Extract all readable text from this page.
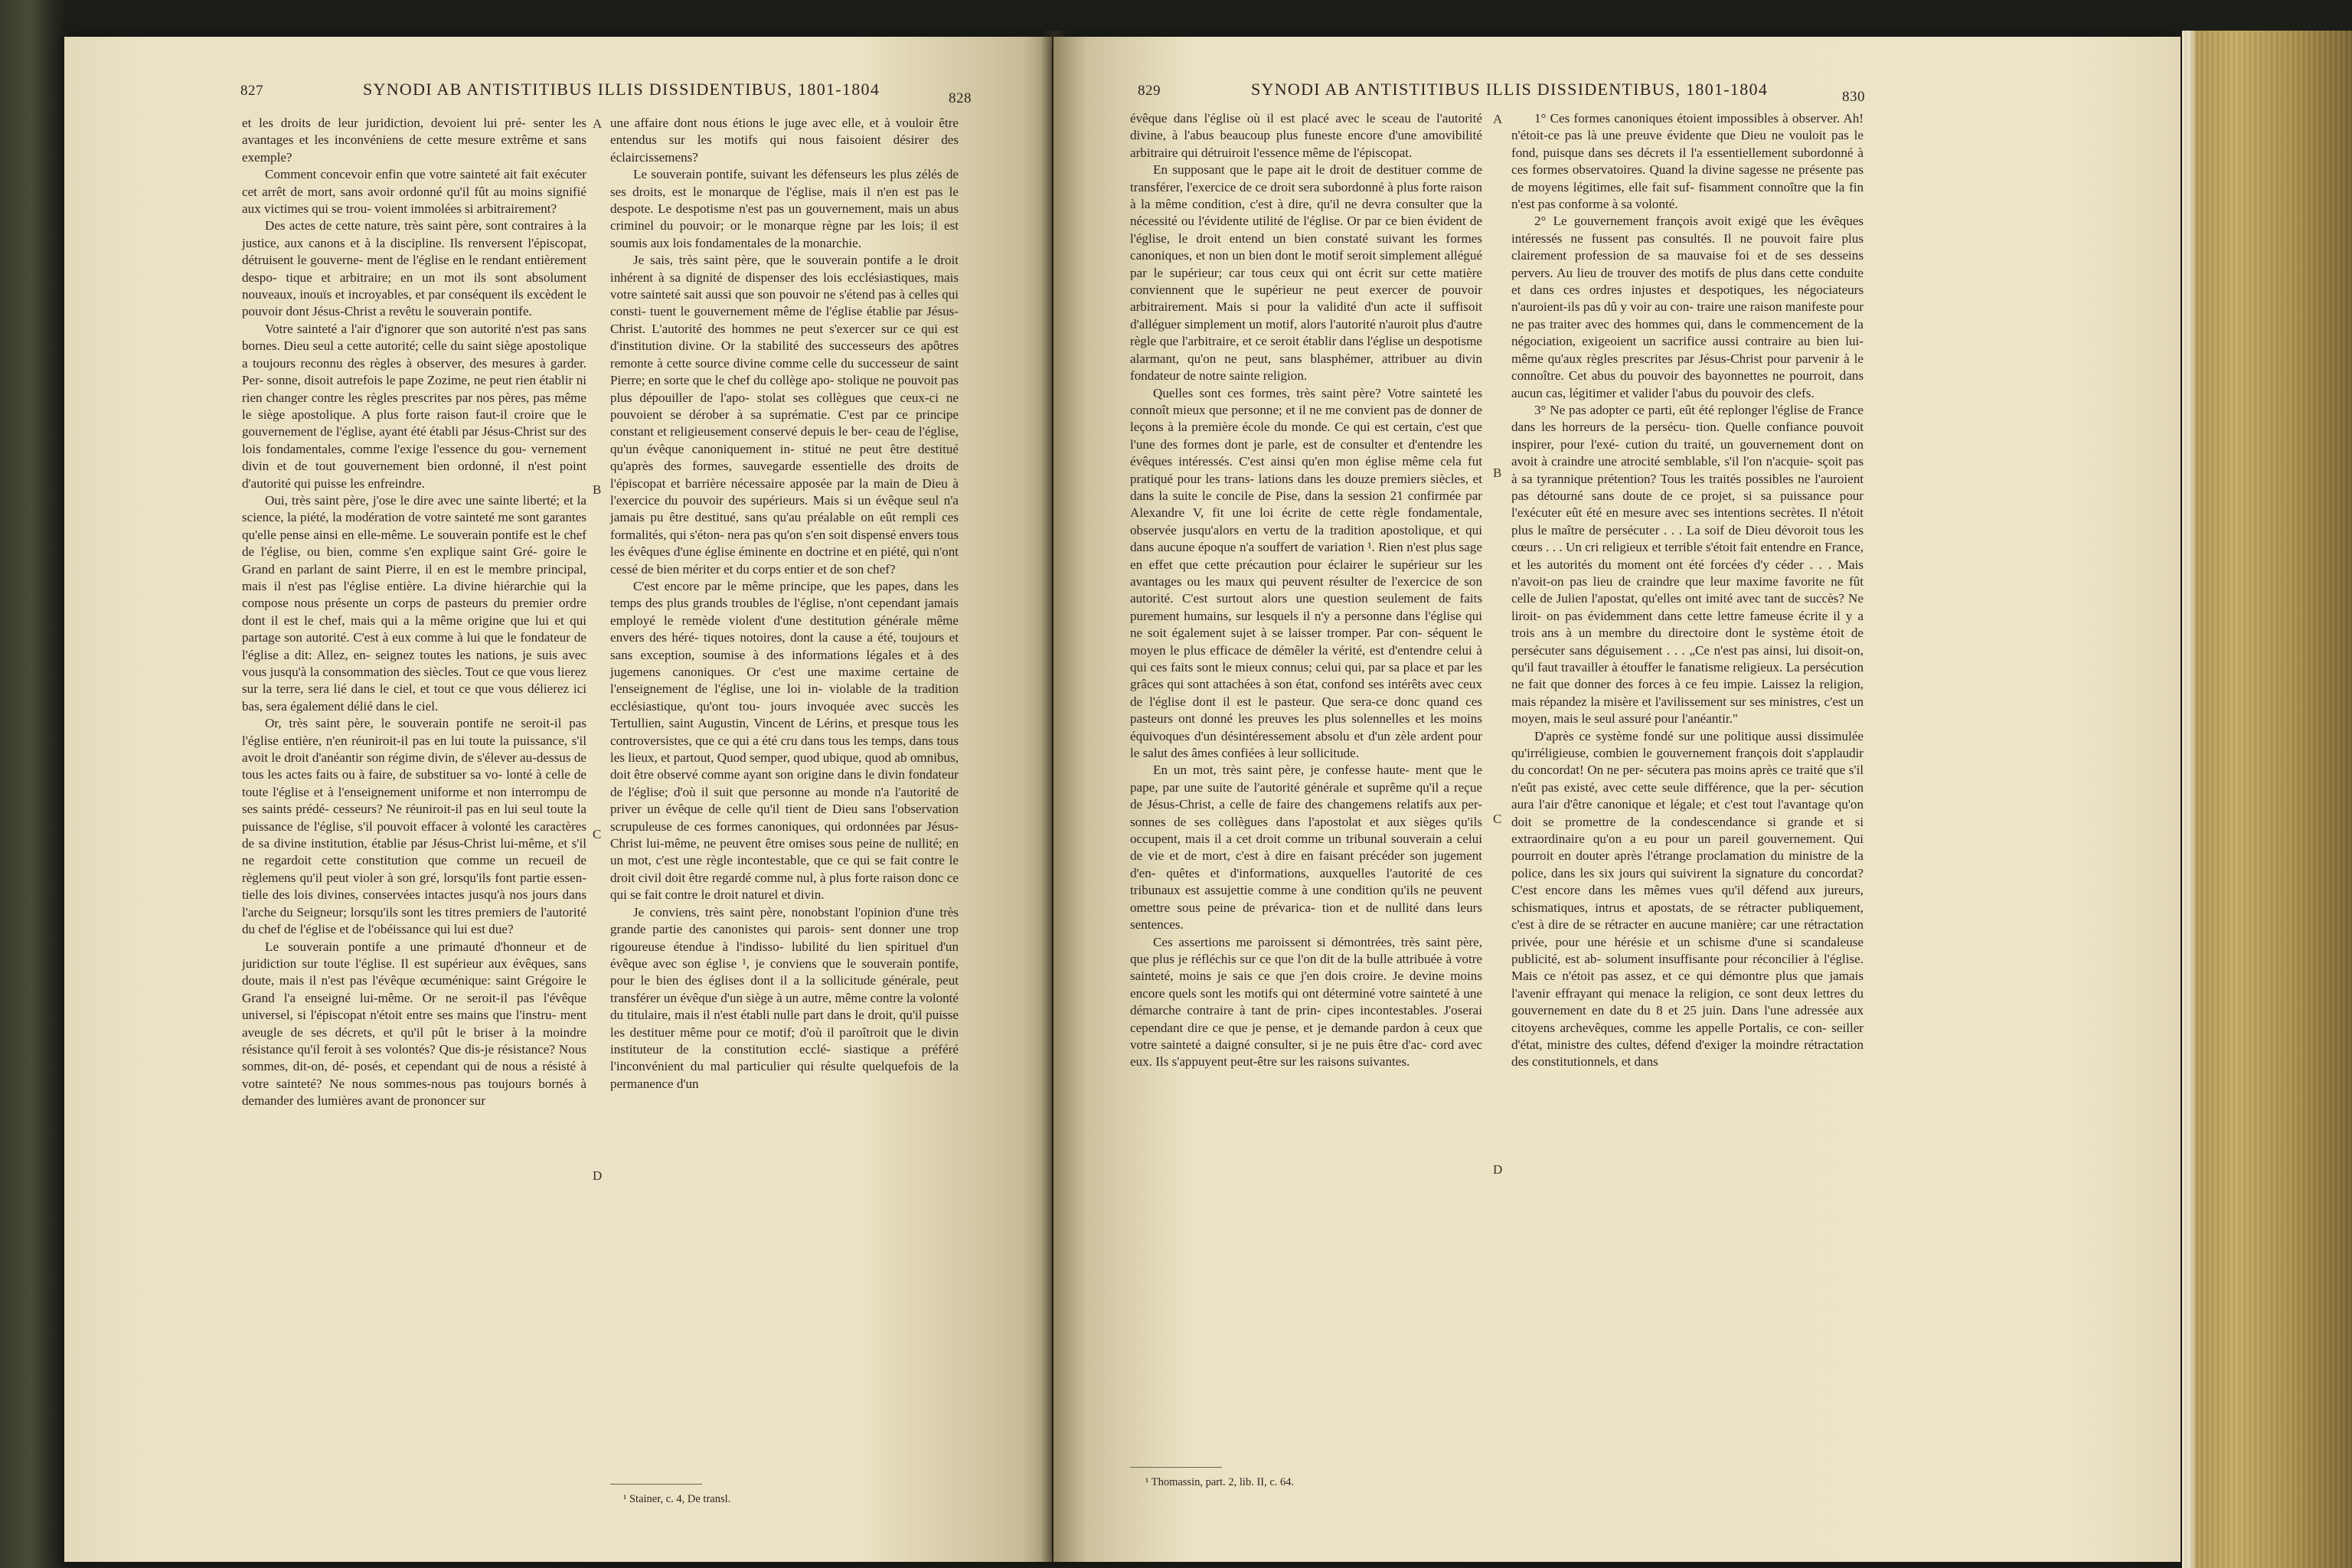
827	SYNODI AB ANTISTITIBUS ILLIS DISSIDENTIBUS, 1801-1804	828

et les droits de leur juridiction, devoient lui pré- senter les avantages et les inconvéniens de cette mesure extrême et sans exemple?

Comment concevoir enfin que votre sainteté ait fait exécuter cet arrêt de mort, sans avoir ordonné qu'il fût au moins signifié aux victimes qui se trou- voient immolées si arbitrairement?

Des actes de cette nature, très saint père, sont contraires à la justice, aux canons et à la discipline. Ils renversent l'épiscopat, détruisent le gouverne- ment de l'église en le rendant entièrement despo- tique et arbitraire; en un mot ils sont absolument nouveaux, inouïs et incroyables, et par conséquent ils excèdent le pouvoir dont Jésus-Christ a revêtu le souverain pontife.

Votre sainteté a l'air d'ignorer que son autorité n'est pas sans bornes. Dieu seul a cette autorité; celle du saint siège apostolique a toujours reconnu des règles à observer, des mesures à garder. Per- sonne, disoit autrefois le pape Zozime, ne peut rien établir ni rien changer contre les règles prescrites par nos pères, pas même le siège apostolique. A plus forte raison faut-il croire que le gouvernement de l'église, ayant été établi par Jésus-Christ sur des lois fondamentales, comme l'exige l'essence du gou- vernement divin et de tout gouvernement bien ordonné, il n'est point d'autorité qui puisse les enfreindre.

Oui, très saint père, j'ose le dire avec une sainte liberté; et la science, la piété, la modération de votre sainteté me sont garantes qu'elle pense ainsi en elle-même. Le souverain pontife est le chef de l'église, ou bien, comme s'en explique saint Gré- goire le Grand en parlant de saint Pierre, il en est le membre principal, mais il n'est pas l'église entière. La divine hiérarchie qui la compose nous présente un corps de pasteurs du premier ordre dont il est le chef, mais qui a la même origine que lui et qui partage son autorité. C'est à eux comme à lui que le fondateur de l'église a dit: Allez, en- seignez toutes les nations, je suis avec vous jusqu'à la consommation des siècles. Tout ce que vous lierez sur la terre, sera lié dans le ciel, et tout ce que vous délierez ici bas, sera également délié dans le ciel.

Or, très saint père, le souverain pontife ne seroit-il pas l'église entière, n'en réuniroit-il pas en lui toute la puissance, s'il avoit le droit d'anéantir son régime divin, de s'élever au-dessus de tous les actes faits ou à faire, de substituer sa vo- lonté à celle de toute l'église et à l'enseignement uniforme et non interrompu de ses saints prédé- cesseurs? Ne réuniroit-il pas en lui seul toute la puissance de l'église, s'il pouvoit effacer à volonté les caractères de sa divine institution, établie par Jésus-Christ lui-même, et s'il ne regardoit cette constitution que comme un recueil de règlemens qu'il peut violer à son gré, lorsqu'ils font partie essen- tielle des lois divines, conservées intactes jusqu'à nos jours dans l'arche du Seigneur; lorsqu'ils sont les titres premiers de l'autorité du chef de l'église et de l'obéissance qui lui est due?

Le souverain pontife a une primauté d'honneur et de juridiction sur toute l'église. Il est supérieur aux évêques, sans doute, mais il n'est pas l'évêque œcuménique: saint Grégoire le Grand l'a enseigné lui-même. Or ne seroit-il pas l'évêque universel, si l'épiscopat n'étoit entre ses mains que l'instru- ment aveugle de ses décrets, et qu'il pût le briser à la moindre résistance qu'il feroit à ses volontés? Que dis-je résistance? Nous sommes, dit-on, dé- posés, et cependant qui de nous a résisté à votre sainteté? Ne nous sommes-nous pas toujours bornés à demander des lumières avant de prononcer sur

une affaire dont nous étions le juge avec elle, et à vouloir être entendus sur les motifs qui nous faisoient désirer des éclaircissemens?

Le souverain pontife, suivant les défenseurs les plus zélés de ses droits, est le monarque de l'église, mais il n'en est pas le despote. Le despotisme n'est pas un gouvernement, mais un abus criminel du pouvoir; or le monarque règne par les lois; il est soumis aux lois fondamentales de la monarchie.

Je sais, très saint père, que le souverain pontife a le droit inhérent à sa dignité de dispenser des lois ecclésiastiques, mais votre sainteté sait aussi que son pouvoir ne s'étend pas à celles qui consti- tuent le gouvernement même de l'église établie par Jésus-Christ. L'autorité des hommes ne peut s'exercer sur ce qui est d'institution divine. Or la stabilité des successeurs des apôtres remonte à cette source divine comme celle du successeur de saint Pierre; en sorte que le chef du collège apo- stolique ne pouvoit pas plus dépouiller de l'apo- stolat ses collègues que ceux-ci ne pouvoient se dérober à sa suprématie. C'est par ce principe constant et religieusement conservé depuis le ber- ceau de l'église, qu'un évêque canoniquement in- stitué ne peut être destitué qu'après des formes, sauvegarde essentielle des droits de l'épiscopat et barrière nécessaire apposée par la main de Dieu à l'exercice du pouvoir des supérieurs. Mais si un évêque seul n'a jamais pu être destitué, sans qu'au préalable on eût rempli ces formalités, qui s'éton- nera pas qu'on s'en soit dispensé envers tous les évêques d'une église éminente en doctrine et en piété, qui n'ont cessé de bien mériter et du corps entier et de son chef?

C'est encore par le même principe, que les papes, dans les temps des plus grands troubles de l'église, n'ont cependant jamais employé le remède violent d'une destitution générale même envers des héré- tiques notoires, dont la cause a été, toujours et sans exception, soumise à des informations légales et à des jugemens canoniques. Or c'est une maxime certaine de l'enseignement de l'église, une loi in- violable de la tradition ecclésiastique, qu'ont tou- jours invoquée avec succès les Tertullien, saint Augustin, Vincent de Lérins, et presque tous les controversistes, que ce qui a été cru dans tous les temps, dans tous les lieux, et partout, Quod semper, quod ubique, quod ab omnibus, doit être observé comme ayant son origine dans le divin fondateur de l'église; d'où il suit que personne au monde n'a l'autorité de priver un évêque de celle qu'il tient de Dieu sans l'observation scrupuleuse de ces formes canoniques, qui ordonnées par Jésus-Christ lui-même, ne peuvent être omises sous peine de nullité; en un mot, c'est une règle incontestable, que ce qui se fait contre le droit civil doit être regardé comme nul, à plus forte raison donc ce qui se fait contre le droit naturel et divin.

Je conviens, très saint père, nonobstant l'opinion d'une très grande partie des canonistes qui parois- sent donner une trop rigoureuse étendue à l'indisso- lubilité du lien spirituel d'un évêque avec son église ¹, je conviens que le souverain pontife, pour le bien des églises dont il a la sollicitude générale, peut transférer un évêque d'un siège à un autre, même contre la volonté du titulaire, mais il n'est établi nulle part dans le droit, qu'il puisse les destituer même pour ce motif; d'où il paroîtroit que le divin instituteur de la constitution ecclé- siastique a préféré l'inconvénient du mal particulier qui résulte quelquefois de la permanence d'un

A
B
C
D
¹ Stainer, c. 4, De transl.
829	SYNODI AB ANTISTITIBUS ILLIS DISSIDENTIBUS, 1801-1804	830

évêque dans l'église où il est placé avec le sceau de l'autorité divine, à l'abus beaucoup plus funeste encore d'une amovibilité arbitraire qui détruiroit l'essence même de l'épiscopat.

En supposant que le pape ait le droit de destituer comme de transférer, l'exercice de ce droit sera subordonné à plus forte raison à la même condition, c'est à dire, qu'il ne devra consulter que la nécessité ou l'évidente utilité de l'église. Or par ce bien évident de l'église, le droit entend un bien constaté suivant les formes canoniques, et non un bien dont le motif seroit simplement allégué par le supérieur; car tous ceux qui ont écrit sur cette matière conviennent que le supérieur ne peut exercer de pouvoir arbitrairement. Mais si pour la validité d'un acte il suffisoit d'alléguer simplement un motif, alors l'autorité n'auroit plus d'autre règle que l'arbitraire, et ce seroit établir dans l'église un despotisme alarmant, qu'on ne peut, sans blasphémer, attribuer au divin fondateur de notre sainte religion.

Quelles sont ces formes, très saint père? Votre sainteté les connoît mieux que personne; et il ne me convient pas de donner de leçons à la première école du monde. Ce qui est certain, c'est que l'une des formes dont je parle, est de consulter et d'entendre les évêques intéressés. C'est ainsi qu'en mon église même cela fut pratiqué pour les trans- lations dans les douze premiers siècles, et dans la suite le concile de Pise, dans la session 21 confirmée par Alexandre V, fit une loi écrite de cette règle fondamentale, observée jusqu'alors en vertu de la tradition apostolique, et qui dans aucune époque n'a souffert de variation ¹. Rien n'est plus sage en effet que cette précaution pour éclairer le supérieur sur les avantages ou les maux qui peuvent résulter de l'exercice de son autorité. C'est surtout alors une question seulement de faits purement humains, sur lesquels il n'y a personne dans l'église qui ne soit également sujet à se laisser tromper. Par con- séquent le moyen le plus efficace de démêler la vérité, est d'entendre celui à qui ces faits sont le mieux connus; celui qui, par sa place et par les grâces qui sont attachées à son état, confond ses intérêts avec ceux de l'église dont il est le pasteur. Que sera-ce donc quand ces pasteurs ont donné les preuves les plus solennelles et les moins équivoques d'un désintéressement absolu et d'un zèle ardent pour le salut des âmes confiées à leur sollicitude.

En un mot, très saint père, je confesse haute- ment que le pape, par une suite de l'autorité générale et suprême qu'il a reçue de Jésus-Christ, a celle de faire des changemens relatifs aux per- sonnes de ses collègues dans l'apostolat et aux sièges qu'ils occupent, mais il a cet droit comme un tribunal souverain a celui de vie et de mort, c'est à dire en faisant précéder son jugement d'en- quêtes et d'informations, auxquelles l'autorité de ces tribunaux est assujettie comme à une condition qu'ils ne peuvent omettre sous peine de prévarica- tion et de nullité dans leurs sentences.

Ces assertions me paroissent si démontrées, très saint père, que plus je réfléchis sur ce que l'on dit de la bulle attribuée à votre sainteté, moins je sais ce que j'en dois croire. Je devine moins encore quels sont les motifs qui ont déterminé votre sainteté à une démarche contraire à tant de prin- cipes incontestables. J'oserai cependant dire ce que je pense, et je demande pardon à ceux que votre sainteté a daigné consulter, si je ne puis être d'ac- cord avec eux. Ils s'appuyent peut-être sur les raisons suivantes.

1° Ces formes canoniques étoient impossibles à observer. Ah! n'étoit-ce pas là une preuve évidente que Dieu ne vouloit pas le fond, puisque dans ses décrets il l'a essentiellement subordonné à ces formes observatoires. Quand la divine sagesse ne présente pas de moyens légitimes, elle fait suf- fisamment connoître que la fin n'est pas conforme à sa volonté.

2° Le gouvernement françois avoit exigé que les évêques intéressés ne fussent pas consultés. Il ne pouvoit faire plus clairement profession de sa mauvaise foi et de ses desseins pervers. Au lieu de trouver des motifs de plus dans cette conduite et dans ces ordres injustes et despotiques, les négociateurs n'auroient-ils pas dû y voir au con- traire une raison manifeste pour ne pas traiter avec des hommes qui, dans le commencement de la négociation, exigeoient un sacrifice aussi contraire au bien lui-même qu'aux règles prescrites par Jésus-Christ pour parvenir à le connoître. Cet abus du pouvoir des bayonnettes ne pourroit, dans aucun cas, légitimer et valider l'abus du pouvoir des clefs.

3° Ne pas adopter ce parti, eût été replonger l'église de France dans les horreurs de la persécu- tion. Quelle confiance pouvoit inspirer, pour l'exé- cution du traité, un gouvernement dont on avoit à craindre une atrocité semblable, s'il l'on n'acquie- sçoit pas à sa tyrannique prétention? Tous les traités possibles ne l'auroient pas détourné sans doute de ce projet, si sa puissance pour l'exécuter eût été en mesure avec ses intentions secrètes. Il n'étoit plus le maître de persécuter . . . La soif de Dieu dévoroit tous les cœurs . . . Un cri religieux et terrible s'étoit fait entendre en France, et les autorités du moment ont été forcées d'y céder . . . Mais n'avoit-on pas lieu de craindre que leur maxime favorite ne fût celle de Julien l'apostat, qu'elles ont imité avec tant de succès? Ne liroit- on pas évidemment dans cette lettre fameuse écrite il y a trois ans à un membre du directoire dont le système étoit de persécuter sans déguisement . . . „Ce n'est pas ainsi, lui disoit-on, qu'il faut travailler à étouffer le fanatisme religieux. La persécution ne fait que donner des forces à ce feu impie. Laissez la religion, mais répandez la misère et l'avilissement sur ses ministres, c'est un moyen, mais le seul assuré pour l'anéantir."

D'après ce système fondé sur une politique aussi dissimulée qu'irréligieuse, combien le gouvernement françois doit s'applaudir du concordat! On ne per- sécutera pas moins après ce traité que s'il n'eût pas existé, avec cette seule différence, que la per- sécution aura l'air d'être canonique et légale; et c'est tout l'avantage qu'on doit se promettre de la condescendance si grande et si extraordinaire qu'on a eu pour un pareil gouvernement. Qui pourroit en douter après l'étrange proclamation du ministre de la police, dans les six jours qui suivirent la signature du concordat? C'est encore dans les mêmes vues qu'il défend aux jureurs, schismatiques, intrus et apostats, de se rétracter publiquement, c'est à dire de se rétracter en aucune manière; car une rétractation privée, pour une hérésie et un schisme d'une si scandaleuse publicité, est ab- solument insuffisante pour réconcilier à l'église. Mais ce n'étoit pas assez, et ce qui démontre plus que jamais l'avenir effrayant qui menace la religion, ce sont deux lettres du gouvernement en date du 8 et 25 juin. Dans l'une adressée aux citoyens archevêques, comme les appelle Portalis, ce con- seiller d'état, ministre des cultes, défend d'exiger la moindre rétractation des constitutionnels, et dans

A
B
C
D
¹ Thomassin, part. 2, lib. II, c. 64.
